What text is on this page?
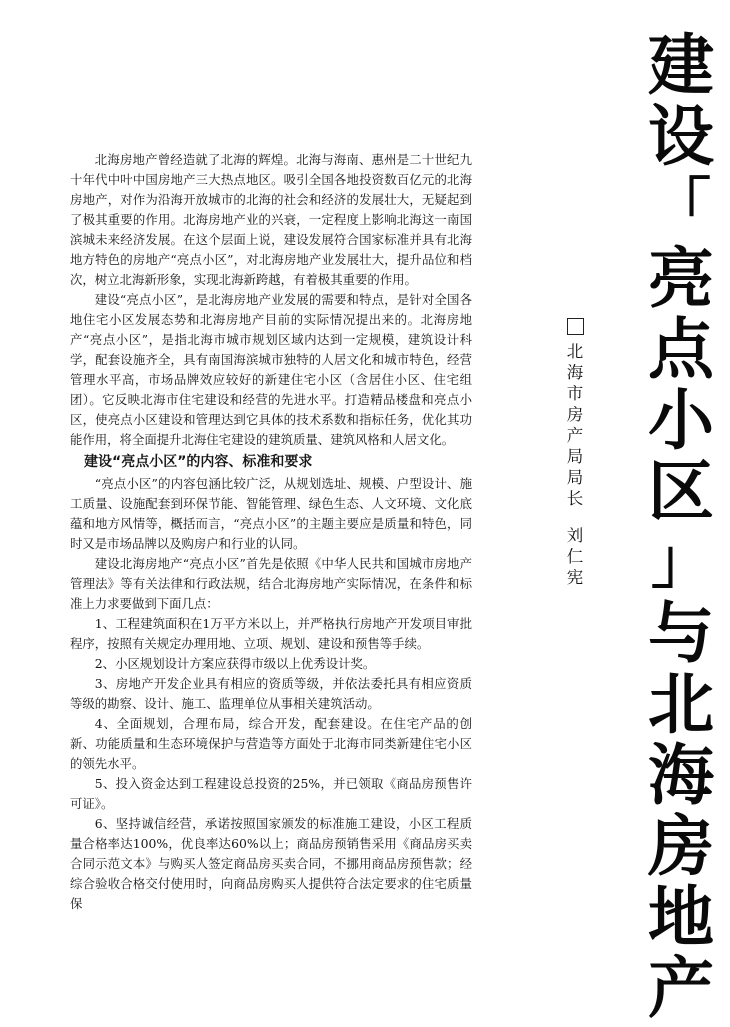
北海房地产曾经造就了北海的辉煌。北海与海南、惠州是二十世纪九十年代中叶中国房地产三大热点地区。吸引全国各地投资数百亿元的北海房地产，对作为沿海开放城市的北海的社会和经济的发展壮大，无疑起到了极其重要的作用。北海房地产业的兴衰，一定程度上影响北海这一南国滨城未来经济发展。在这个层面上说，建设发展符合国家标准并具有北海地方特色的房地产“亮点小区”，对北海房地产业发展壮大，提升品位和档次，树立北海新形象，实现北海新跨越，有着极其重要的作用。

建设“亮点小区”，是北海房地产业发展的需要和特点，是针对全国各地住宅小区发展态势和北海房地产目前的实际情况提出来的。北海房地产“亮点小区”，是指北海市城市规划区域内达到一定规模，建筑设计科学，配套设施齐全，具有南国海滨城市独特的人居文化和城市特色，经营管理水平高，市场品牌效应较好的新建住宅小区（含居住小区、住宅组团）。它反映北海市住宅建设和经营的先进水平。打造精品楼盘和亮点小区，使亮点小区建设和管理达到它具体的技术系数和指标任务，优化其功能作用，将全面提升北海住宅建设的建筑质量、建筑风格和人居文化。

建设“亮点小区”的内容、标准和要求

“亮点小区”的内容包涵比较广泛，从规划选址、规模、户型设计、施工质量、设施配套到环保节能、智能管理、绿色生态、人文环境、文化底蕴和地方风情等，概括而言，“亮点小区”的主题主要应是质量和特色，同时又是市场品牌以及购房户和行业的认同。

建设北海房地产“亮点小区”首先是依照《中华人民共和国城市房地产管理法》等有关法律和行政法规，结合北海房地产实际情况，在条件和标准上力求要做到下面几点：

1、工程建筑面积在1万平方米以上，并严格执行房地产开发项目审批程序，按照有关规定办理用地、立项、规划、建设和预售等手续。

2、小区规划设计方案应获得市级以上优秀设计奖。

3、房地产开发企业具有相应的资质等级，并依法委托具有相应资质等级的勘察、设计、施工、监理单位从事相关建筑活动。

4、全面规划，合理布局，综合开发，配套建设。在住宅产品的创新、功能质量和生态环境保护与营造等方面处于北海市同类新建住宅小区的领先水平。

5、投入资金达到工程建设总投资的25%，并已领取《商品房预售许可证》。

6、坚持诚信经营，承诺按照国家颁发的标准施工建设，小区工程质量合格率达100%，优良率达60%以上；商品房预销售采用《商品房买卖合同示范文本》与购买人签定商品房买卖合同，不挪用商品房预售款；经综合验收合格交付使用时，向商品房购买人提供符合法定要求的住宅质量保

北
海
市
房
产
局
局
长
刘
仁
宪
建
设
「
亮
点
小
区
」
与
北
海
房
地
产
